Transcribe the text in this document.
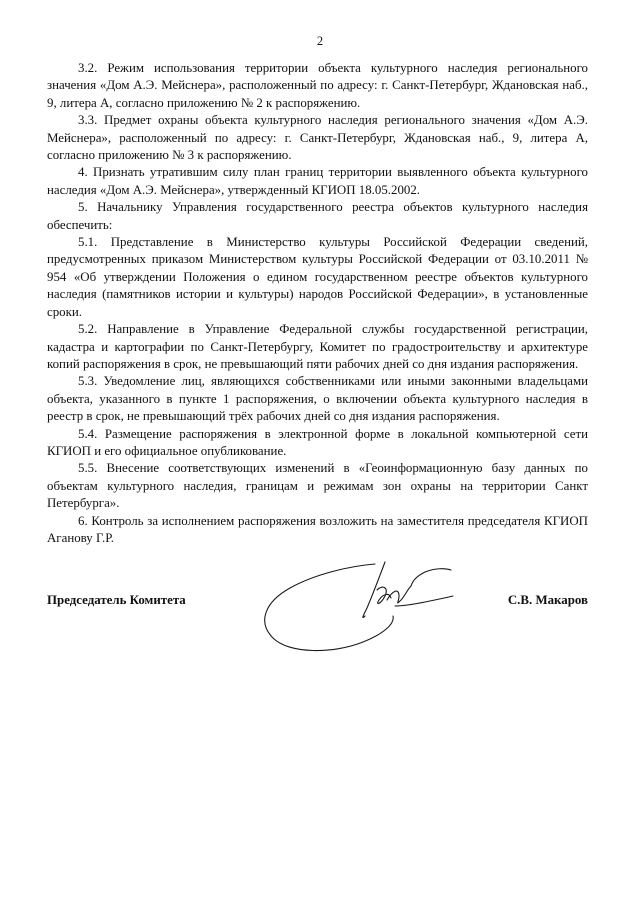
2

3.2. Режим использования территории объекта культурного наследия регионального значения «Дом А.Э. Мейснера», расположенный по адресу: г. Санкт-Петербург, Ждановская наб., 9, литера А, согласно приложению № 2 к распоряжению.

3.3. Предмет охраны объекта культурного наследия регионального значения «Дом А.Э. Мейснера», расположенный по адресу: г. Санкт-Петербург, Ждановская наб., 9, литера А, согласно приложению № 3 к распоряжению.

4. Признать утратившим силу план границ территории выявленного объекта культурного наследия «Дом А.Э. Мейснера», утвержденный КГИОП 18.05.2002.

5. Начальнику Управления государственного реестра объектов культурного наследия обеспечить:

5.1. Представление в Министерство культуры Российской Федерации сведений, предусмотренных приказом Министерством культуры Российской Федерации от 03.10.2011 № 954 «Об утверждении Положения о едином государственном реестре объектов культурного наследия (памятников истории и культуры) народов Российской Федерации», в установленные сроки.

5.2. Направление в Управление Федеральной службы государственной регистрации, кадастра и картографии по Санкт-Петербургу, Комитет по градостроительству и архитектуре копий распоряжения в срок, не превышающий пяти рабочих дней со дня издания распоряжения.

5.3. Уведомление лиц, являющихся собственниками или иными законными владельцами объекта, указанного в пункте 1 распоряжения, о включении объекта культурного наследия в реестр в срок, не превышающий трёх рабочих дней со дня издания распоряжения.

5.4. Размещение распоряжения в электронной форме в локальной компьютерной сети КГИОП и его официальное опубликование.

5.5. Внесение соответствующих изменений в «Геоинформационную базу данных по объектам культурного наследия, границам и режимам зон охраны на территории Санкт Петербурга».

6. Контроль за исполнением распоряжения возложить на заместителя председателя КГИОП Аганову Г.Р.

Председатель Комитета	С.В. Макаров
